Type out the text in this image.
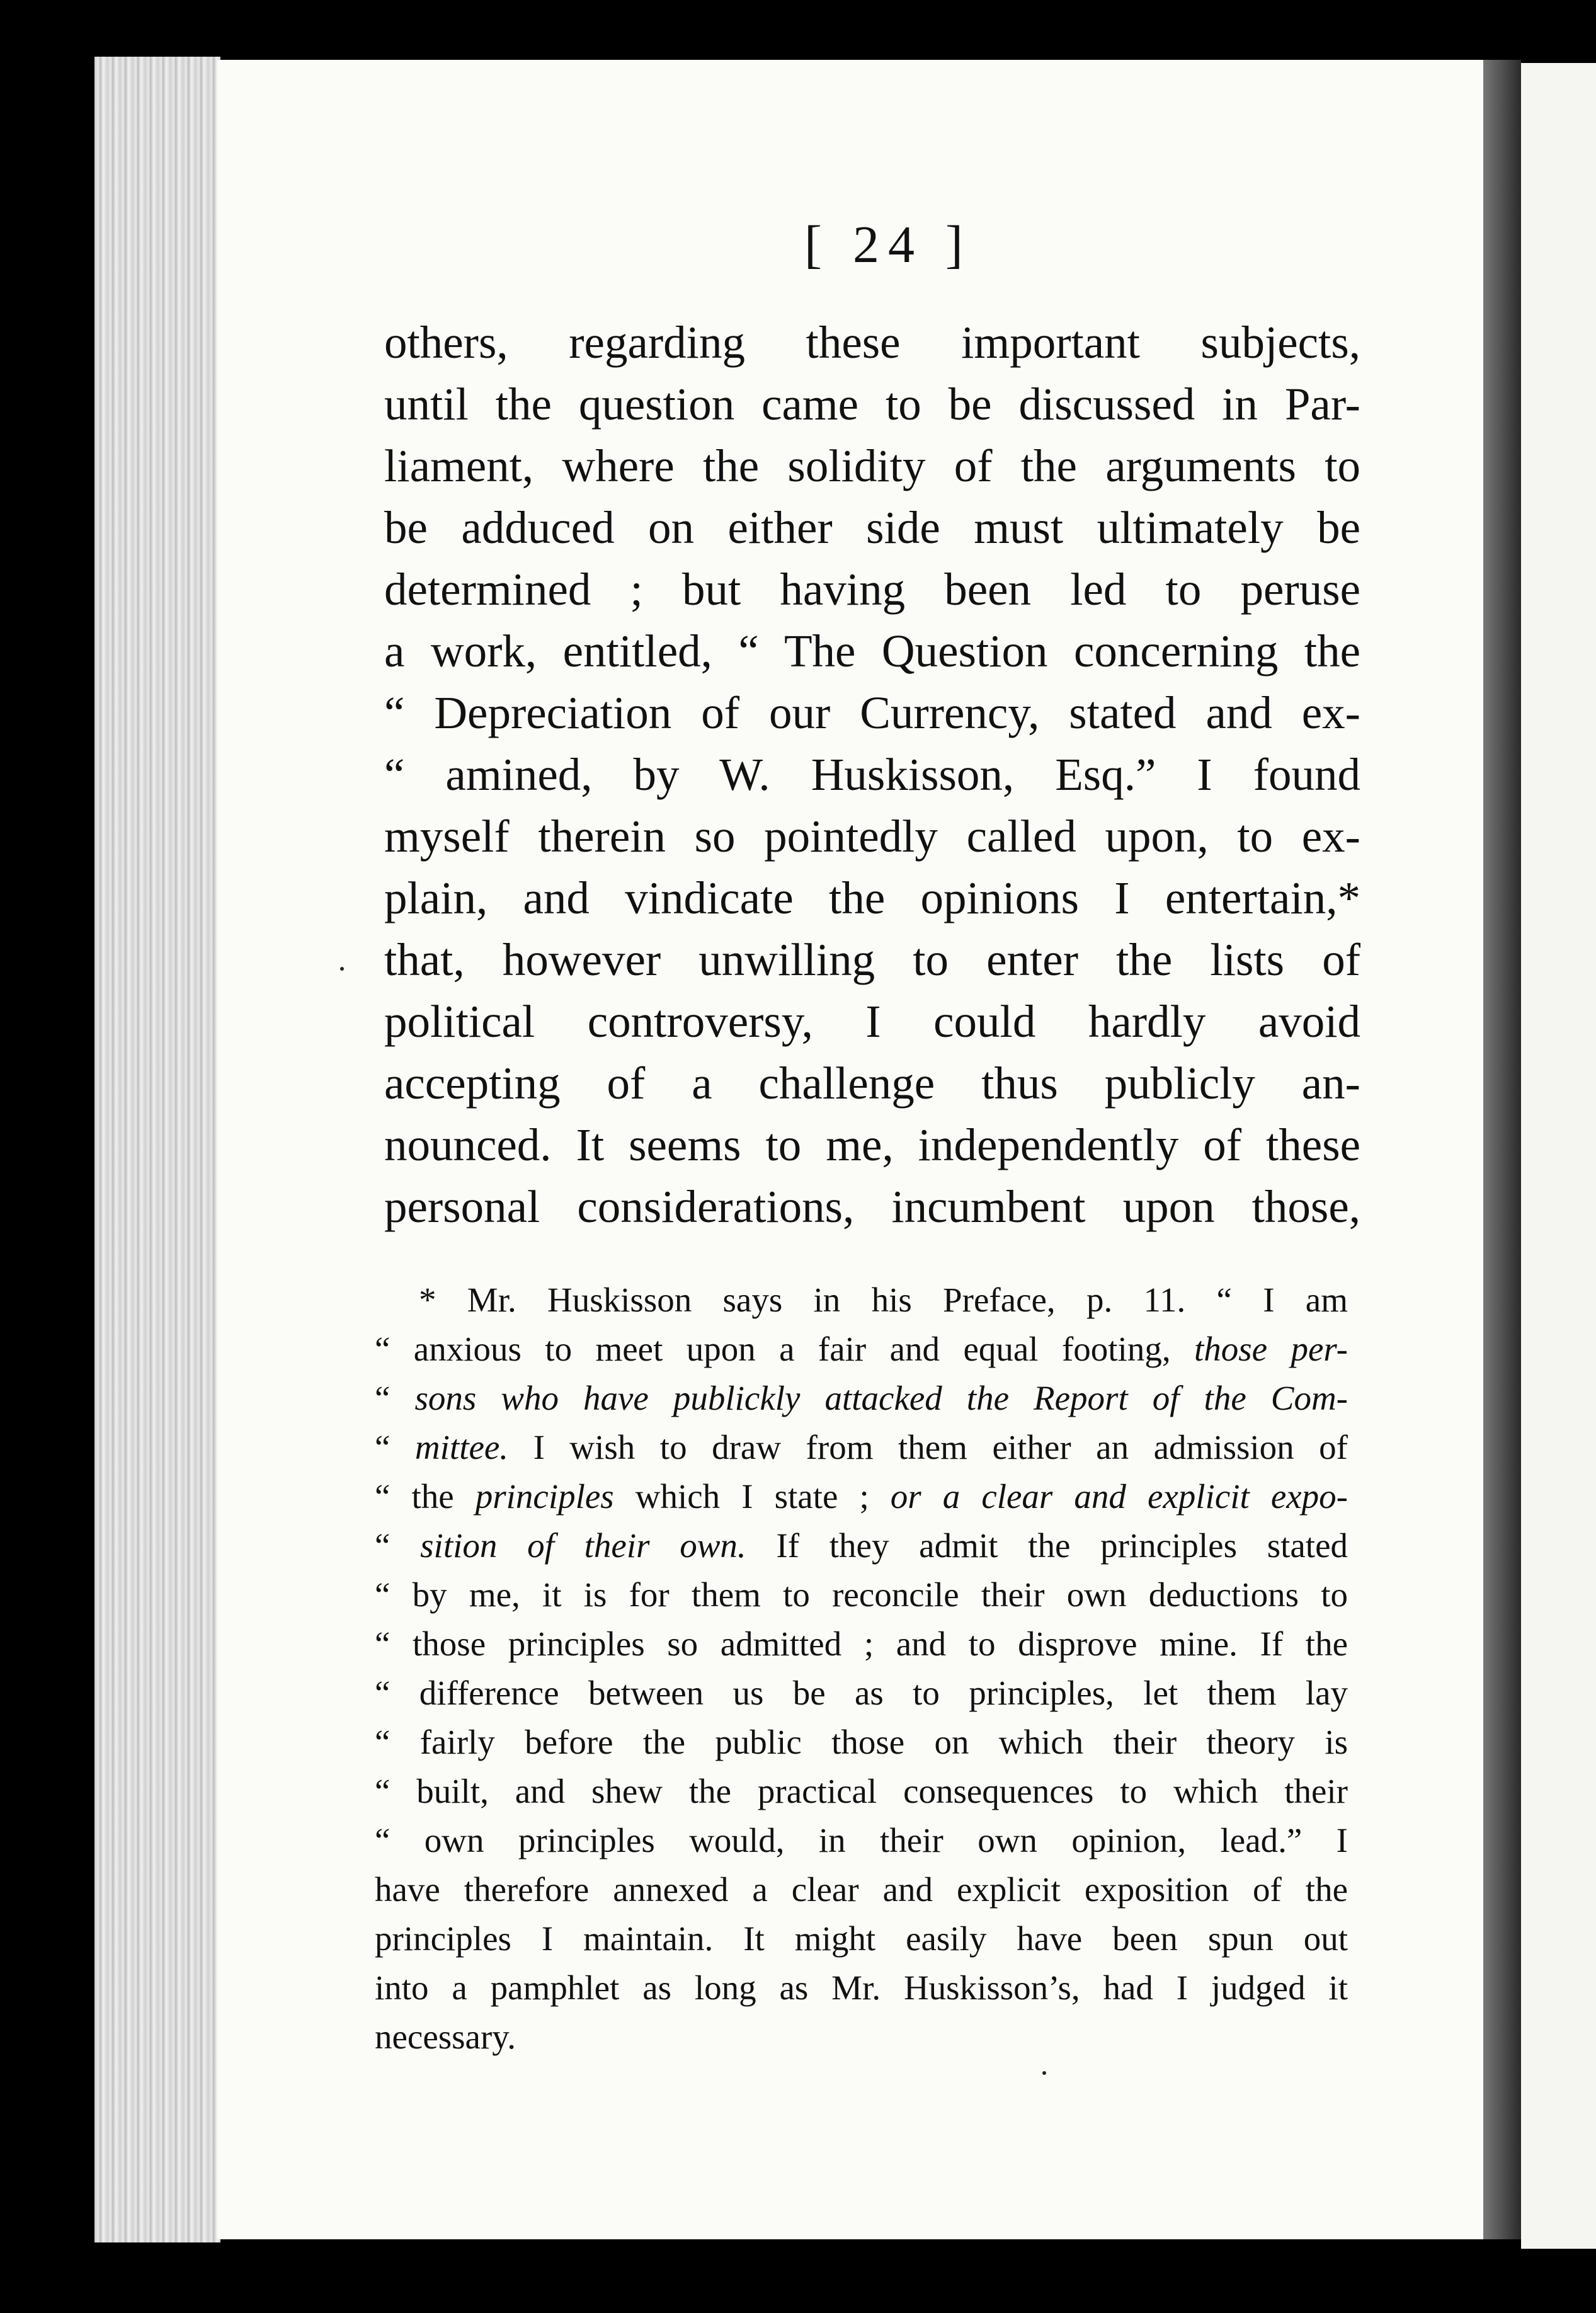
[ 24 ]
others, regarding these important subjects,
until the question came to be discussed in Par-
liament, where the solidity of the arguments to
be adduced on either side must ultimately be
determined ; but having been led to peruse
a work, entitled, “ The Question concerning the
“ Depreciation of our Currency, stated and ex-
“ amined, by W. Huskisson, Esq.” I found
myself therein so pointedly called upon, to ex-
plain, and vindicate the opinions I entertain,*
that, however unwilling to enter the lists of
political controversy, I could hardly avoid
accepting of a challenge thus publicly an-
nounced. It seems to me, independently of these
personal considerations, incumbent upon those,
* Mr. Huskisson says in his Preface, p. 11. “ I am
“ anxious to meet upon a fair and equal footing, those per-
“ sons who have publickly attacked the Report of the Com-
“ mittee. I wish to draw from them either an admission of
“ the principles which I state ; or a clear and explicit expo-
“ sition of their own. If they admit the principles stated
“ by me, it is for them to reconcile their own deductions to
“ those principles so admitted ; and to disprove mine. If the
“ difference between us be as to principles, let them lay
“ fairly before the public those on which their theory is
“ built, and shew the practical consequences to which their
“ own principles would, in their own opinion, lead.” I
have therefore annexed a clear and explicit exposition of the
principles I maintain. It might easily have been spun out
into a pamphlet as long as Mr. Huskisson’s, had I judged it
necessary.
